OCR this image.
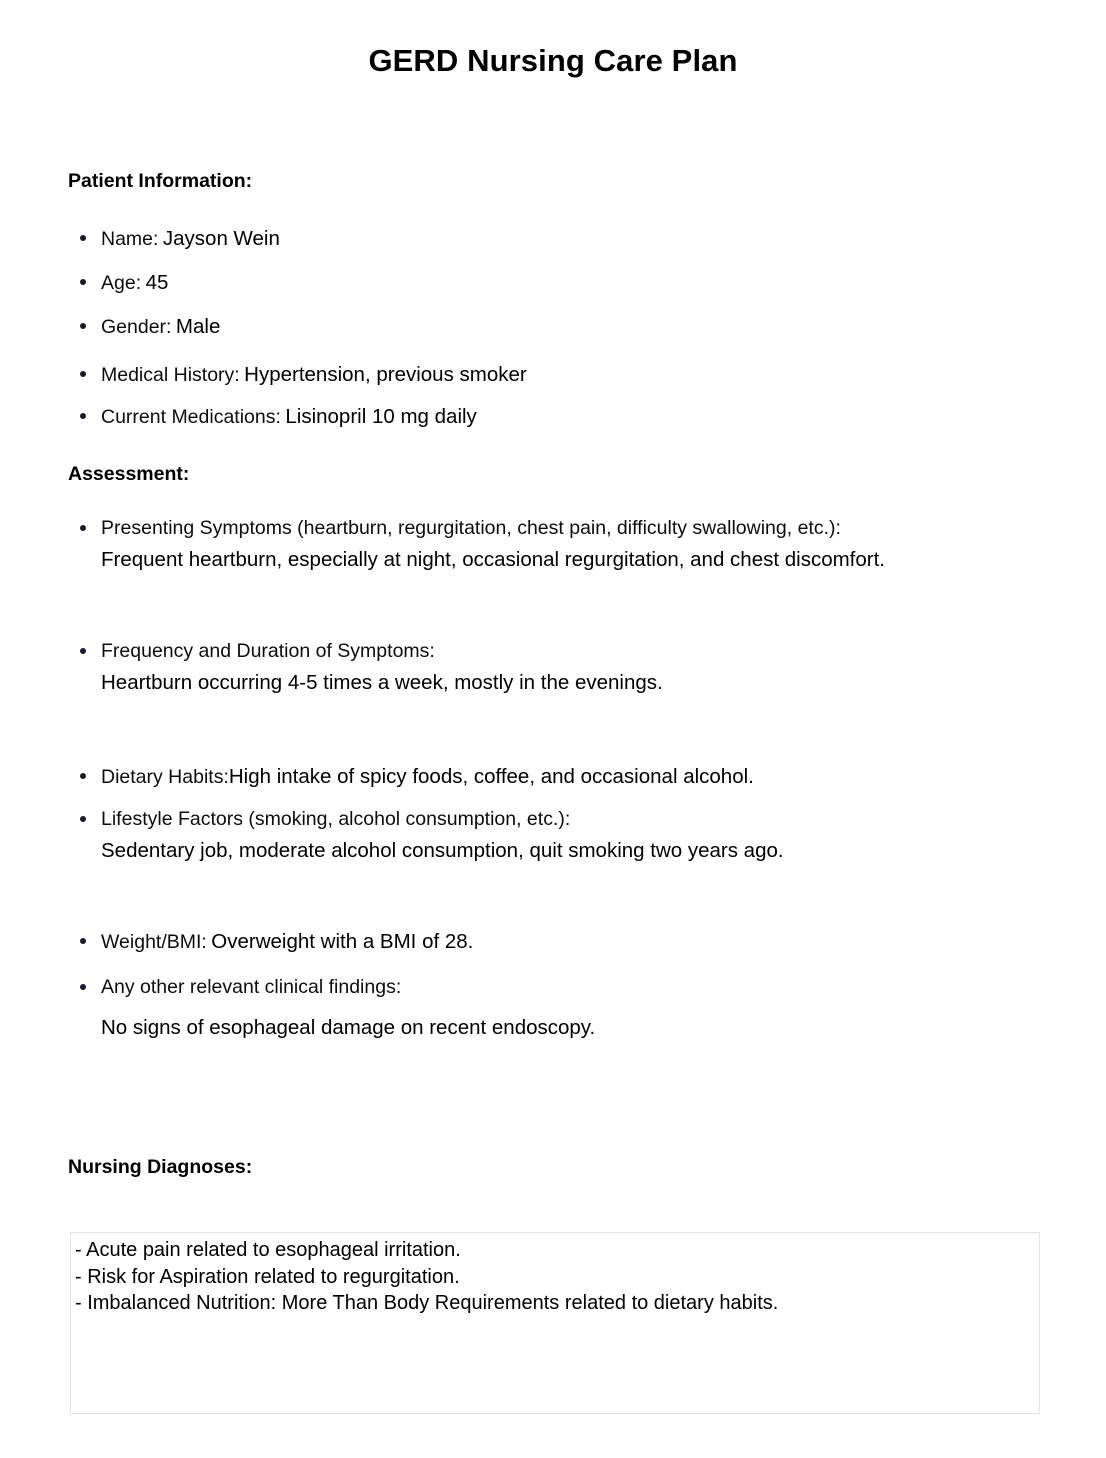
GERD Nursing Care Plan
Patient Information:
Name: Jayson Wein
Age: 45
Gender: Male
Medical History: Hypertension, previous smoker
Current Medications: Lisinopril 10 mg daily
Assessment:
Presenting Symptoms (heartburn, regurgitation, chest pain, difficulty swallowing, etc.):
Frequent heartburn, especially at night, occasional regurgitation, and chest discomfort.
Frequency and Duration of Symptoms:
Heartburn occurring 4-5 times a week, mostly in the evenings.
Dietary Habits:High intake of spicy foods, coffee, and occasional alcohol.
Lifestyle Factors (smoking, alcohol consumption, etc.):
Sedentary job, moderate alcohol consumption, quit smoking two years ago.
Weight/BMI: Overweight with a BMI of 28.
Any other relevant clinical findings:
No signs of esophageal damage on recent endoscopy.
Nursing Diagnoses:
- Acute pain related to esophageal irritation.
- Risk for Aspiration related to regurgitation.
- Imbalanced Nutrition: More Than Body Requirements related to dietary habits.
